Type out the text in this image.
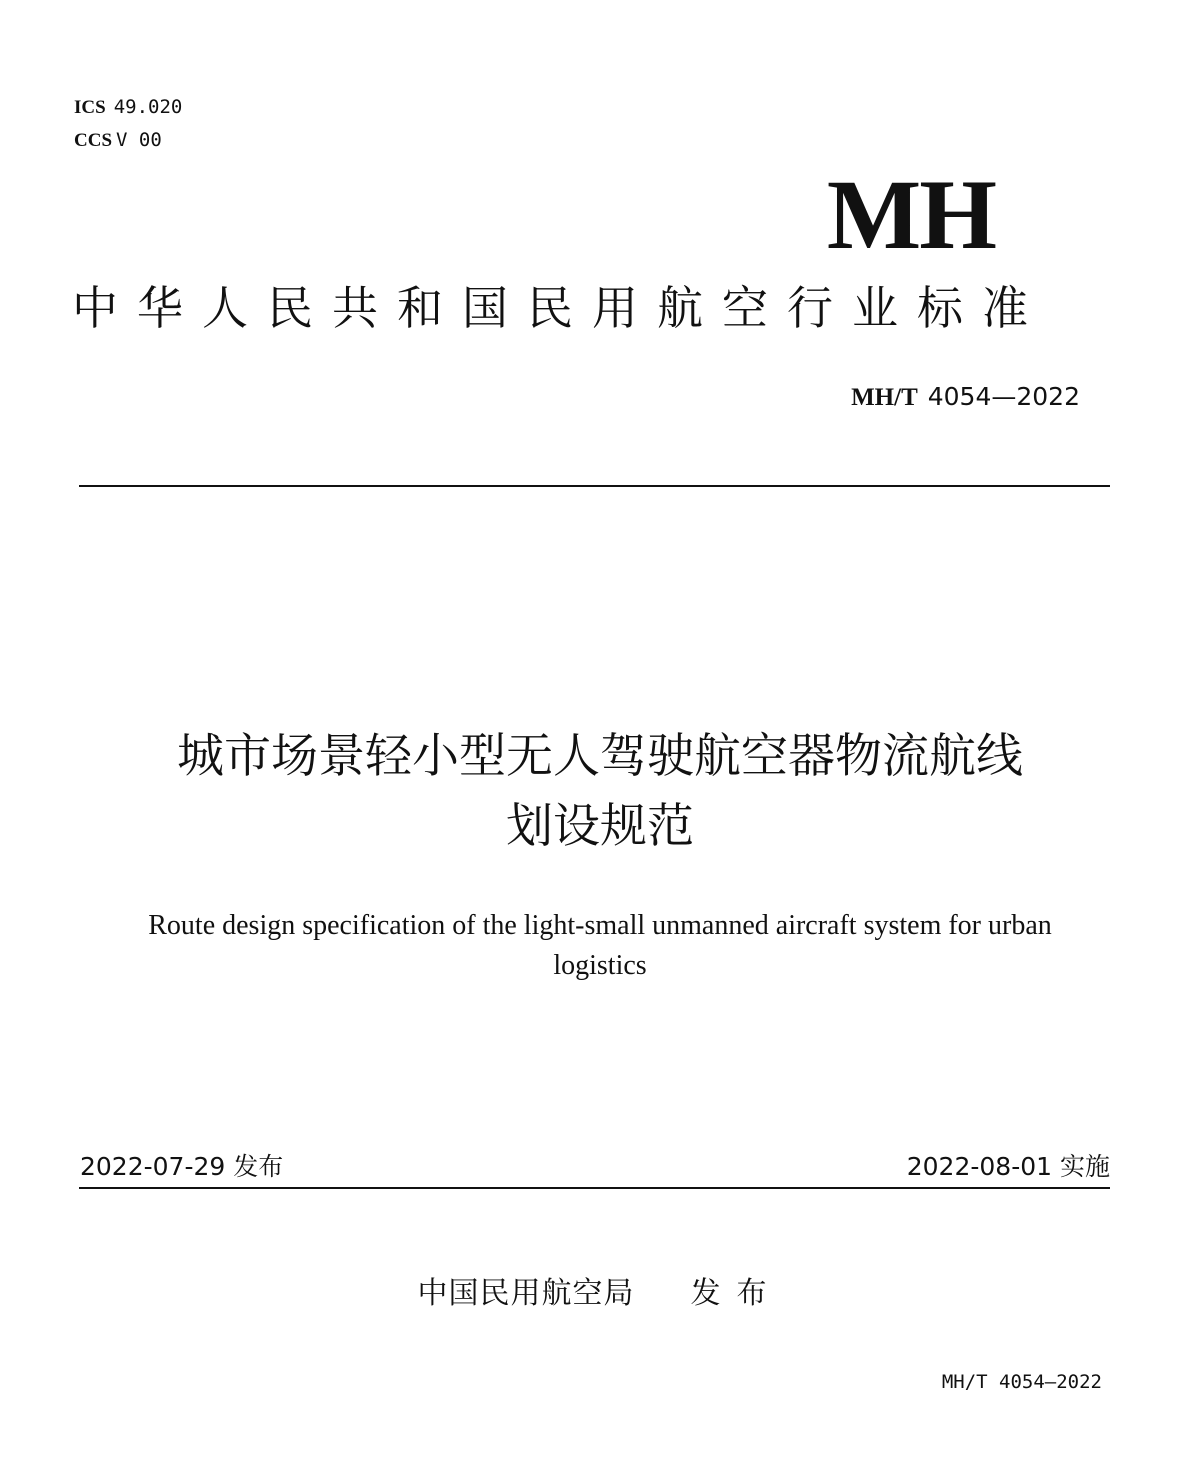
ICS 49.020
CCS V 00
MH
中华人民共和国民用航空行业标准
MH/T 4054—2022
城市场景轻小型无人驾驶航空器物流航线
划设规范
Route design specification of the light-small unmanned aircraft system for urban
logistics
2022-07-29 发布	2022-08-01 实施
中国民用航空局 发布
MH/T 4054—2022
